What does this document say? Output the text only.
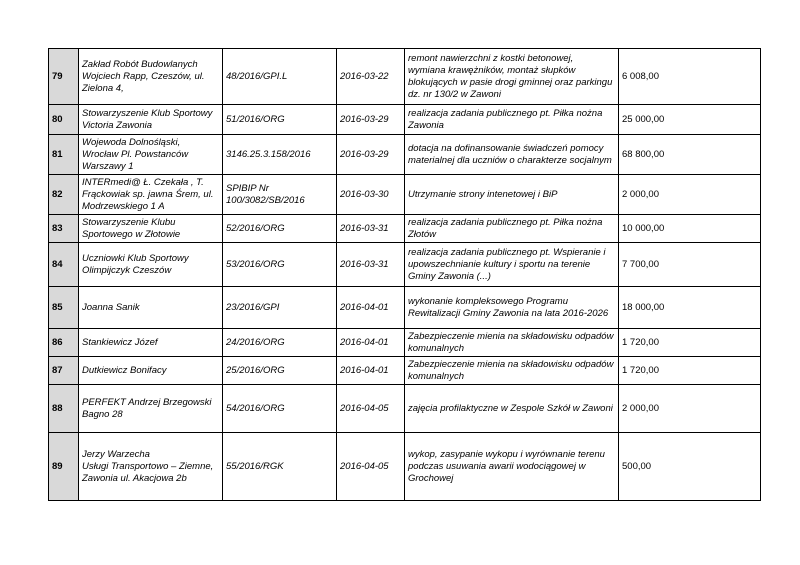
79	Zakład Robót Budowlanych
Wojciech Rapp, Czeszów, ul.
Zielona 4,	48/2016/GPI.L	2016-03-22	remont nawierzchni z kostki betonowej,
wymiana krawężników, montaż słupków
blokujących w pasie drogi gminnej oraz parkingu
dz. nr 130/2 w Zawoni	6 008,00
80	Stowarzyszenie Klub Sportowy
Victoria Zawonia	51/2016/ORG	2016-03-29	realizacja zadania publicznego pt. Piłka nożna
Zawonia	25 000,00
81	Wojewoda Dolnośląski,
Wrocław Pl. Powstanców
Warszawy 1	3146.25.3.158/2016	2016-03-29	dotacja na dofinansowanie świadczeń pomocy
materialnej dla uczniów o charakterze socjalnym	68 800,00
82	INTERmedi@ Ł. Czekała , T.
Frąckowiak sp. jawna Śrem, ul.
Modrzewskiego 1 A	SPIBIP Nr
100/3082/SB/2016	2016-03-30	Utrzymanie strony intenetowej i BiP	2 000,00
83	Stowarzyszenie Klubu
Sportowego w Złotowie	52/2016/ORG	2016-03-31	realizacja zadania publicznego pt. Piłka nożna
Złotów	10 000,00
84	Uczniowki Klub Sportowy
Olimpijczyk Czeszów	53/2016/ORG	2016-03-31	realizacja zadania publicznego pt. Wspieranie i
upowszechnianie kultury i sportu na terenie
Gminy Zawonia (...)	7 700,00
85	Joanna Sanik	23/2016/GPI	2016-04-01	wykonanie kompleksowego Programu
Rewitalizacji Gminy Zawonia na lata 2016-2026	18 000,00
86	Stankiewicz Józef	24/2016/ORG	2016-04-01	Zabezpieczenie mienia na składowisku odpadów
komunalnych	1 720,00
87	Dutkiewicz Bonifacy	25/2016/ORG	2016-04-01	Zabezpieczenie mienia na składowisku odpadów
komunalnych	1 720,00
88	PERFEKT Andrzej Brzegowski
Bagno 28	54/2016/ORG	2016-04-05	zajęcia profilaktyczne w Zespole Szkół w Zawoni	2 000,00
89	Jerzy Warzecha
Usługi Transportowo – Ziemne,
Zawonia ul. Akacjowa 2b	55/2016/RGK	2016-04-05	wykop, zasypanie wykopu i wyrównanie terenu
podczas usuwania awarii wodociągowej w
Grochowej	500,00
